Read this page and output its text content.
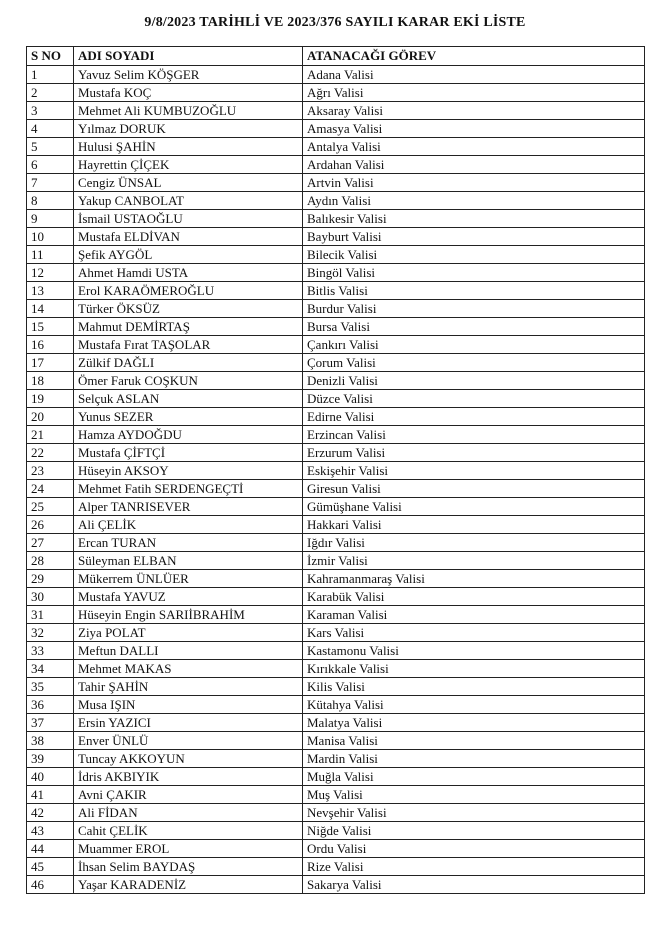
9/8/2023 TARİHLİ VE 2023/376 SAYILI KARAR EKİ LİSTE
S NO	ADI SOYADI	ATANACAĞI GÖREV
1	Yavuz Selim KÖŞGER	Adana Valisi
2	Mustafa KOÇ	Ağrı Valisi
3	Mehmet Ali KUMBUZOĞLU	Aksaray Valisi
4	Yılmaz DORUK	Amasya Valisi
5	Hulusi ŞAHİN	Antalya Valisi
6	Hayrettin ÇİÇEK	Ardahan Valisi
7	Cengiz ÜNSAL	Artvin Valisi
8	Yakup CANBOLAT	Aydın Valisi
9	İsmail USTAOĞLU	Balıkesir Valisi
10	Mustafa ELDİVAN	Bayburt Valisi
11	Şefik AYGÖL	Bilecik Valisi
12	Ahmet Hamdi USTA	Bingöl Valisi
13	Erol KARAÖMEROĞLU	Bitlis Valisi
14	Türker ÖKSÜZ	Burdur Valisi
15	Mahmut DEMİRTAŞ	Bursa Valisi
16	Mustafa Fırat TAŞOLAR	Çankırı Valisi
17	Zülkif DAĞLI	Çorum Valisi
18	Ömer Faruk COŞKUN	Denizli Valisi
19	Selçuk ASLAN	Düzce Valisi
20	Yunus SEZER	Edirne Valisi
21	Hamza AYDOĞDU	Erzincan Valisi
22	Mustafa ÇİFTÇİ	Erzurum Valisi
23	Hüseyin AKSOY	Eskişehir Valisi
24	Mehmet Fatih SERDENGEÇTİ	Giresun Valisi
25	Alper TANRISEVER	Gümüşhane Valisi
26	Ali ÇELİK	Hakkari Valisi
27	Ercan TURAN	Iğdır Valisi
28	Süleyman ELBAN	İzmir Valisi
29	Mükerrem ÜNLÜER	Kahramanmaraş Valisi
30	Mustafa YAVUZ	Karabük Valisi
31	Hüseyin Engin SARIİBRAHİM	Karaman Valisi
32	Ziya POLAT	Kars Valisi
33	Meftun DALLI	Kastamonu Valisi
34	Mehmet MAKAS	Kırıkkale Valisi
35	Tahir ŞAHİN	Kilis Valisi
36	Musa IŞIN	Kütahya Valisi
37	Ersin YAZICI	Malatya Valisi
38	Enver ÜNLÜ	Manisa Valisi
39	Tuncay AKKOYUN	Mardin Valisi
40	İdris AKBIYIK	Muğla Valisi
41	Avni ÇAKIR	Muş Valisi
42	Ali FİDAN	Nevşehir Valisi
43	Cahit ÇELİK	Niğde Valisi
44	Muammer EROL	Ordu Valisi
45	İhsan Selim BAYDAŞ	Rize Valisi
46	Yaşar KARADENİZ	Sakarya Valisi
